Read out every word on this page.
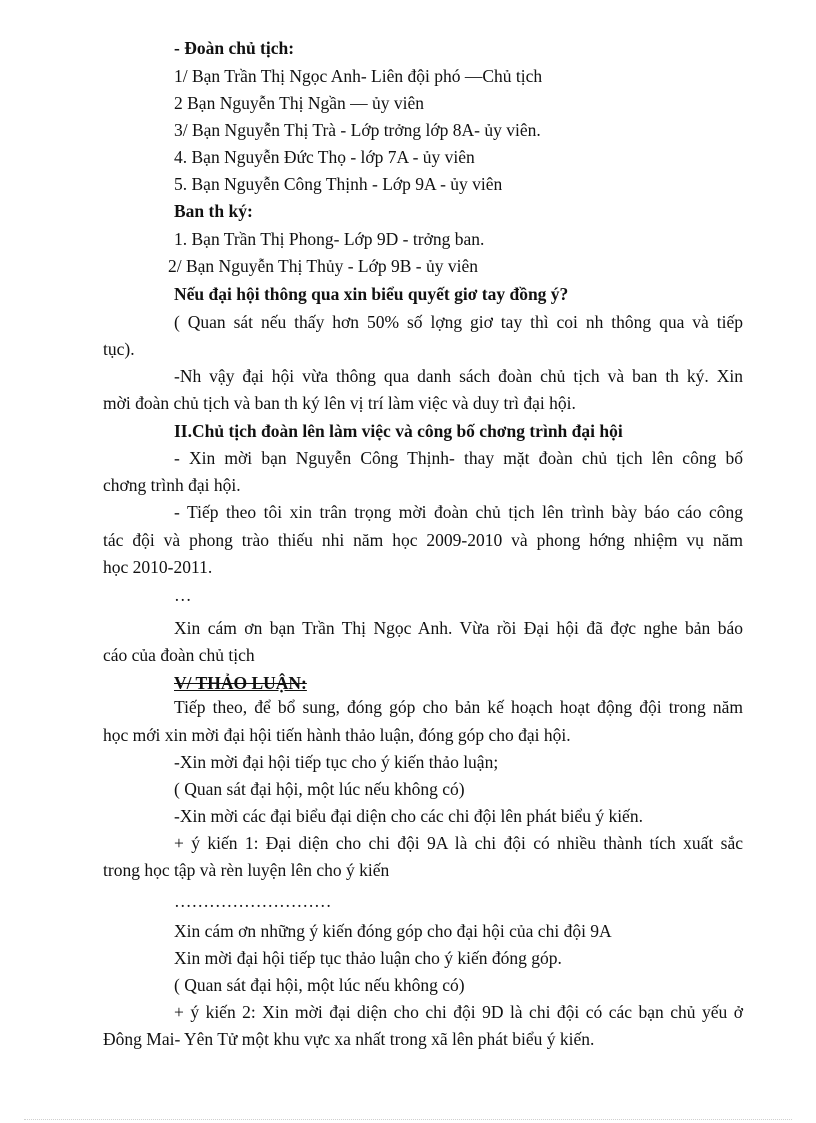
- Đoàn chủ tịch:
1/ Bạn Trần Thị Ngọc Anh- Liên đội phó —Chủ tịch
2 Bạn Nguyễn Thị Ngần — ủy viên
3/ Bạn Nguyễn Thị Trà - Lớp trởng lớp 8A- ủy viên.
4. Bạn Nguyễn Đức Thọ - lớp 7A - ủy viên
5. Bạn Nguyễn Công Thịnh - Lớp 9A - ủy viên
Ban th ký:
1. Bạn Trần Thị Phong- Lớp 9D - trởng ban.
2/ Bạn Nguyễn Thị Thủy - Lớp 9B - ủy viên
Nếu đại hội thông qua xin biểu quyết giơ tay đồng ý?
( Quan sát nếu thấy hơn 50% số lợng giơ tay thì coi nh thông qua và tiếp
tục).
-Nh vậy đại hội vừa thông qua danh sách đoàn chủ tịch và ban th ký. Xin
mời đoàn chủ tịch và ban th ký lên vị trí làm việc và duy trì đại hội.
II.Chủ tịch đoàn lên làm việc và công bố chơng trình đại hội
- Xin mời bạn Nguyễn Công Thịnh- thay mặt đoàn chủ tịch lên công bố
chơng trình đại hội.
- Tiếp theo tôi xin trân trọng mời đoàn chủ tịch lên trình bày báo cáo công
tác đội và phong trào thiếu nhi năm học 2009-2010 và phong hớng nhiệm vụ năm
học 2010-2011.
…
Xin cám ơn bạn Trần Thị Ngọc Anh. Vừa rồi Đại hội đã đợc nghe bản báo
cáo của đoàn chủ tịch
V/ THẢO LUẬN:
Tiếp theo, để bổ sung, đóng góp cho bản kế hoạch hoạt động đội trong năm
học mới xin mời đại hội tiến hành thảo luận, đóng góp cho đại hội.
-Xin mời đại hội tiếp tục cho ý kiến thảo luận;
( Quan sát đại hội, một lúc nếu không có)
-Xin mời các đại biểu đại diện cho các chi đội lên phát biểu ý kiến.
+ ý kiến 1: Đại diện cho chi đội 9A là chi đội có nhiều thành tích xuất sắc
trong học tập và rèn luyện lên cho ý kiến
………………………
Xin cám ơn những ý kiến đóng góp cho đại hội của chi đội 9A
Xin mời đại hội tiếp tục thảo luận cho ý kiến đóng góp.
( Quan sát đại hội, một lúc nếu không có)
+ ý kiến 2: Xin mời đại diện cho chi đội 9D là chi đội có các bạn chủ yếu ở
Đông Mai- Yên Tử một khu vực xa nhất trong xã lên phát biểu ý kiến.
